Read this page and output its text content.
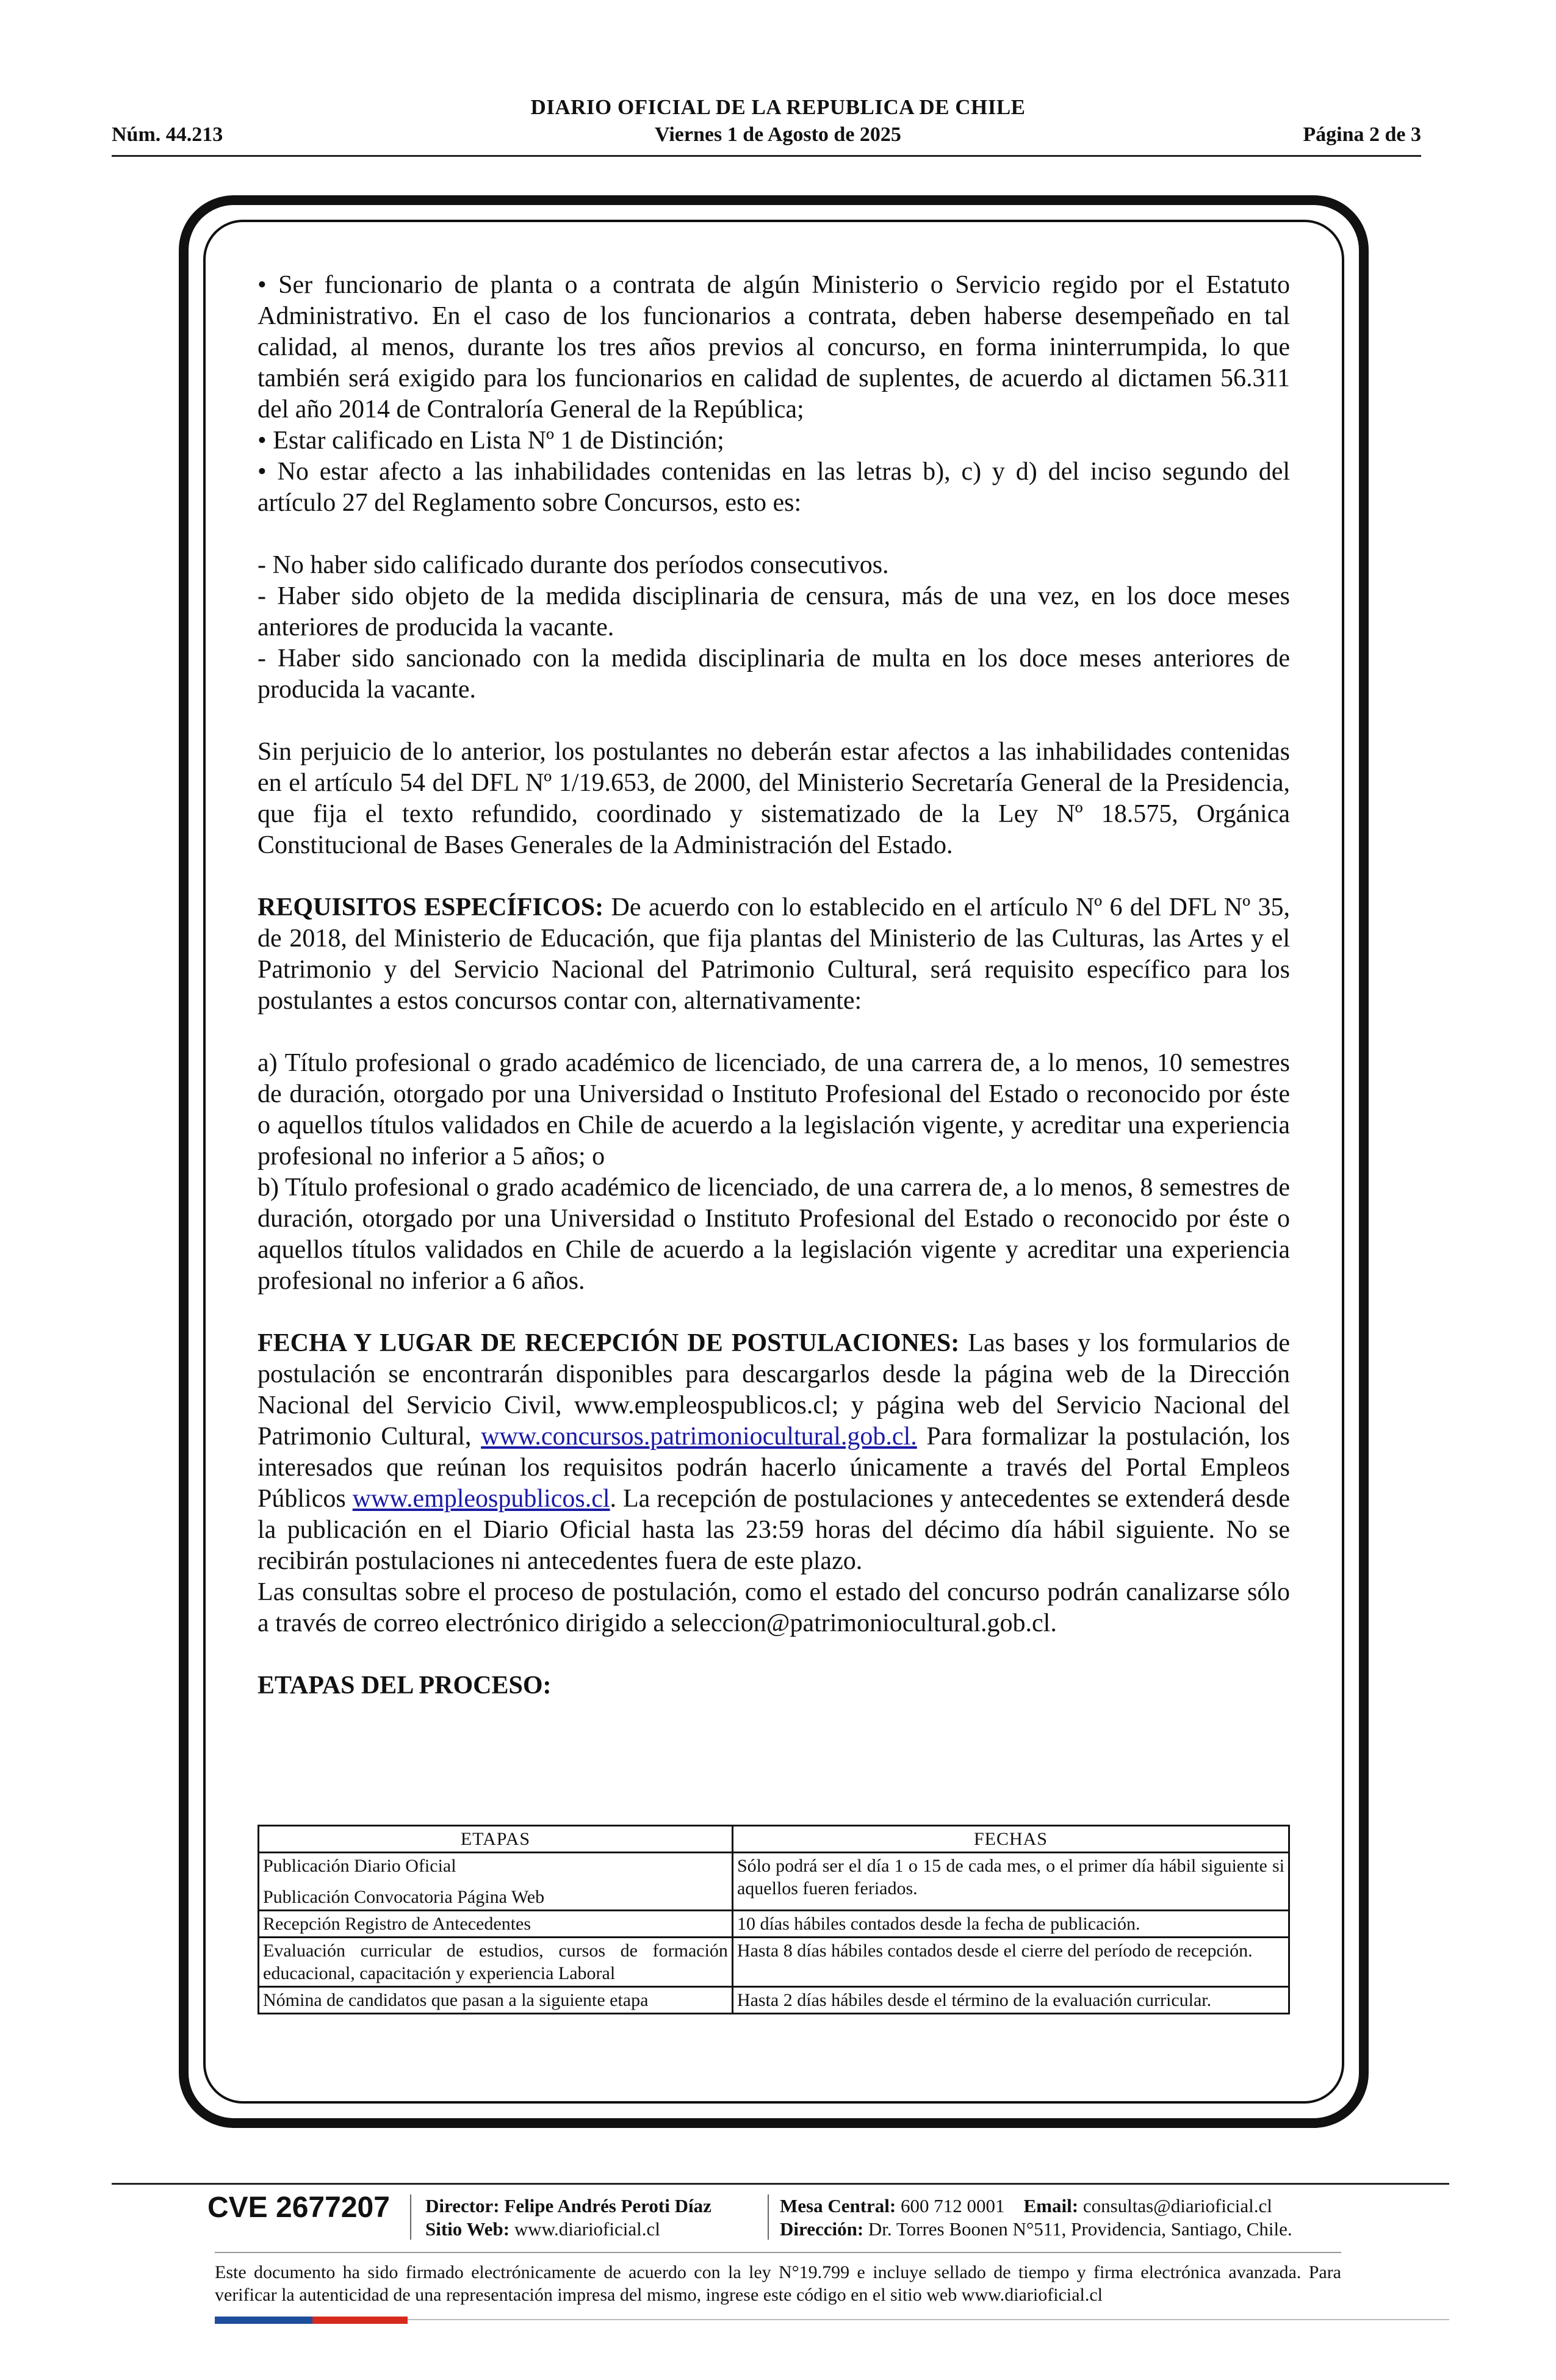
DIARIO OFICIAL DE LA REPUBLICA DE CHILE
Núm. 44.213	Viernes 1 de Agosto de 2025	Página 2 de 3

• Ser funcionario de planta o a contrata de algún Ministerio o Servicio regido por el Estatuto Administrativo. En el caso de los funcionarios a contrata, deben haberse desempeñado en tal calidad, al menos, durante los tres años previos al concurso, en forma ininterrumpida, lo que también será exigido para los funcionarios en calidad de suplentes, de acuerdo al dictamen 56.311 del año 2014 de Contraloría General de la República;

• Estar calificado en Lista Nº 1 de Distinción;

• No estar afecto a las inhabilidades contenidas en las letras b), c) y d) del inciso segundo del artículo 27 del Reglamento sobre Concursos, esto es:

- No haber sido calificado durante dos períodos consecutivos.

- Haber sido objeto de la medida disciplinaria de censura, más de una vez, en los doce meses anteriores de producida la vacante.

- Haber sido sancionado con la medida disciplinaria de multa en los doce meses anteriores de producida la vacante.

Sin perjuicio de lo anterior, los postulantes no deberán estar afectos a las inhabilidades contenidas en el artículo 54 del DFL Nº 1/19.653, de 2000, del Ministerio Secretaría General de la Presidencia, que fija el texto refundido, coordinado y sistematizado de la Ley Nº 18.575, Orgánica Constitucional de Bases Generales de la Administración del Estado.

REQUISITOS ESPECÍFICOS: De acuerdo con lo establecido en el artículo Nº 6 del DFL Nº 35, de 2018, del Ministerio de Educación, que fija plantas del Ministerio de las Culturas, las Artes y el Patrimonio y del Servicio Nacional del Patrimonio Cultural, será requisito específico para los postulantes a estos concursos contar con, alternativamente:

a) Título profesional o grado académico de licenciado, de una carrera de, a lo menos, 10 semestres de duración, otorgado por una Universidad o Instituto Profesional del Estado o reconocido por éste o aquellos títulos validados en Chile de acuerdo a la legislación vigente, y acreditar una experiencia profesional no inferior a 5 años; o

b) Título profesional o grado académico de licenciado, de una carrera de, a lo menos, 8 semestres de duración, otorgado por una Universidad o Instituto Profesional del Estado o reconocido por éste o aquellos títulos validados en Chile de acuerdo a la legislación vigente y acreditar una experiencia profesional no inferior a 6 años.

FECHA Y LUGAR DE RECEPCIÓN DE POSTULACIONES: Las bases y los formularios de postulación se encontrarán disponibles para descargarlos desde la página web de la Dirección Nacional del Servicio Civil, www.empleospublicos.cl; y página web del Servicio Nacional del Patrimonio Cultural, www.concursos.patrimoniocultural.gob.cl. Para formalizar la postulación, los interesados que reúnan los requisitos podrán hacerlo únicamente a través del Portal Empleos Públicos www.empleospublicos.cl. La recepción de postulaciones y antecedentes se extenderá desde la publicación en el Diario Oficial hasta las 23:59 horas del décimo día hábil siguiente. No se recibirán postulaciones ni antecedentes fuera de este plazo.

Las consultas sobre el proceso de postulación, como el estado del concurso podrán canalizarse sólo a través de correo electrónico dirigido a seleccion@patrimoniocultural.gob.cl.

ETAPAS DEL PROCESO:

ETAPAS	FECHAS

Publicación Diario Oficial
Publicación Convocatoria Página Web	Sólo podrá ser el día 1 o 15 de cada mes, o el primer día hábil siguiente si aquellos fueren feriados.
Recepción Registro de Antecedentes	10 días hábiles contados desde la fecha de publicación.
Evaluación curricular de estudios, cursos de formación educacional, capacitación y experiencia Laboral	Hasta 8 días hábiles contados desde el cierre del período de recepción.
Nómina de candidatos que pasan a la siguiente etapa	Hasta 2 días hábiles desde el término de la evaluación curricular.
CVE 2677207 Director: Felipe Andrés Peroti Díaz
Sitio Web: www.diarioficial.cl
Mesa Central: 600 712 0001 Email: consultas@diarioficial.cl
Dirección: Dr. Torres Boonen N°511, Providencia, Santiago, Chile.
Este documento ha sido firmado electrónicamente de acuerdo con la ley N°19.799 e incluye sellado de tiempo y firma electrónica avanzada. Para verificar la autenticidad de una representación impresa del mismo, ingrese este código en el sitio web www.diarioficial.cl
